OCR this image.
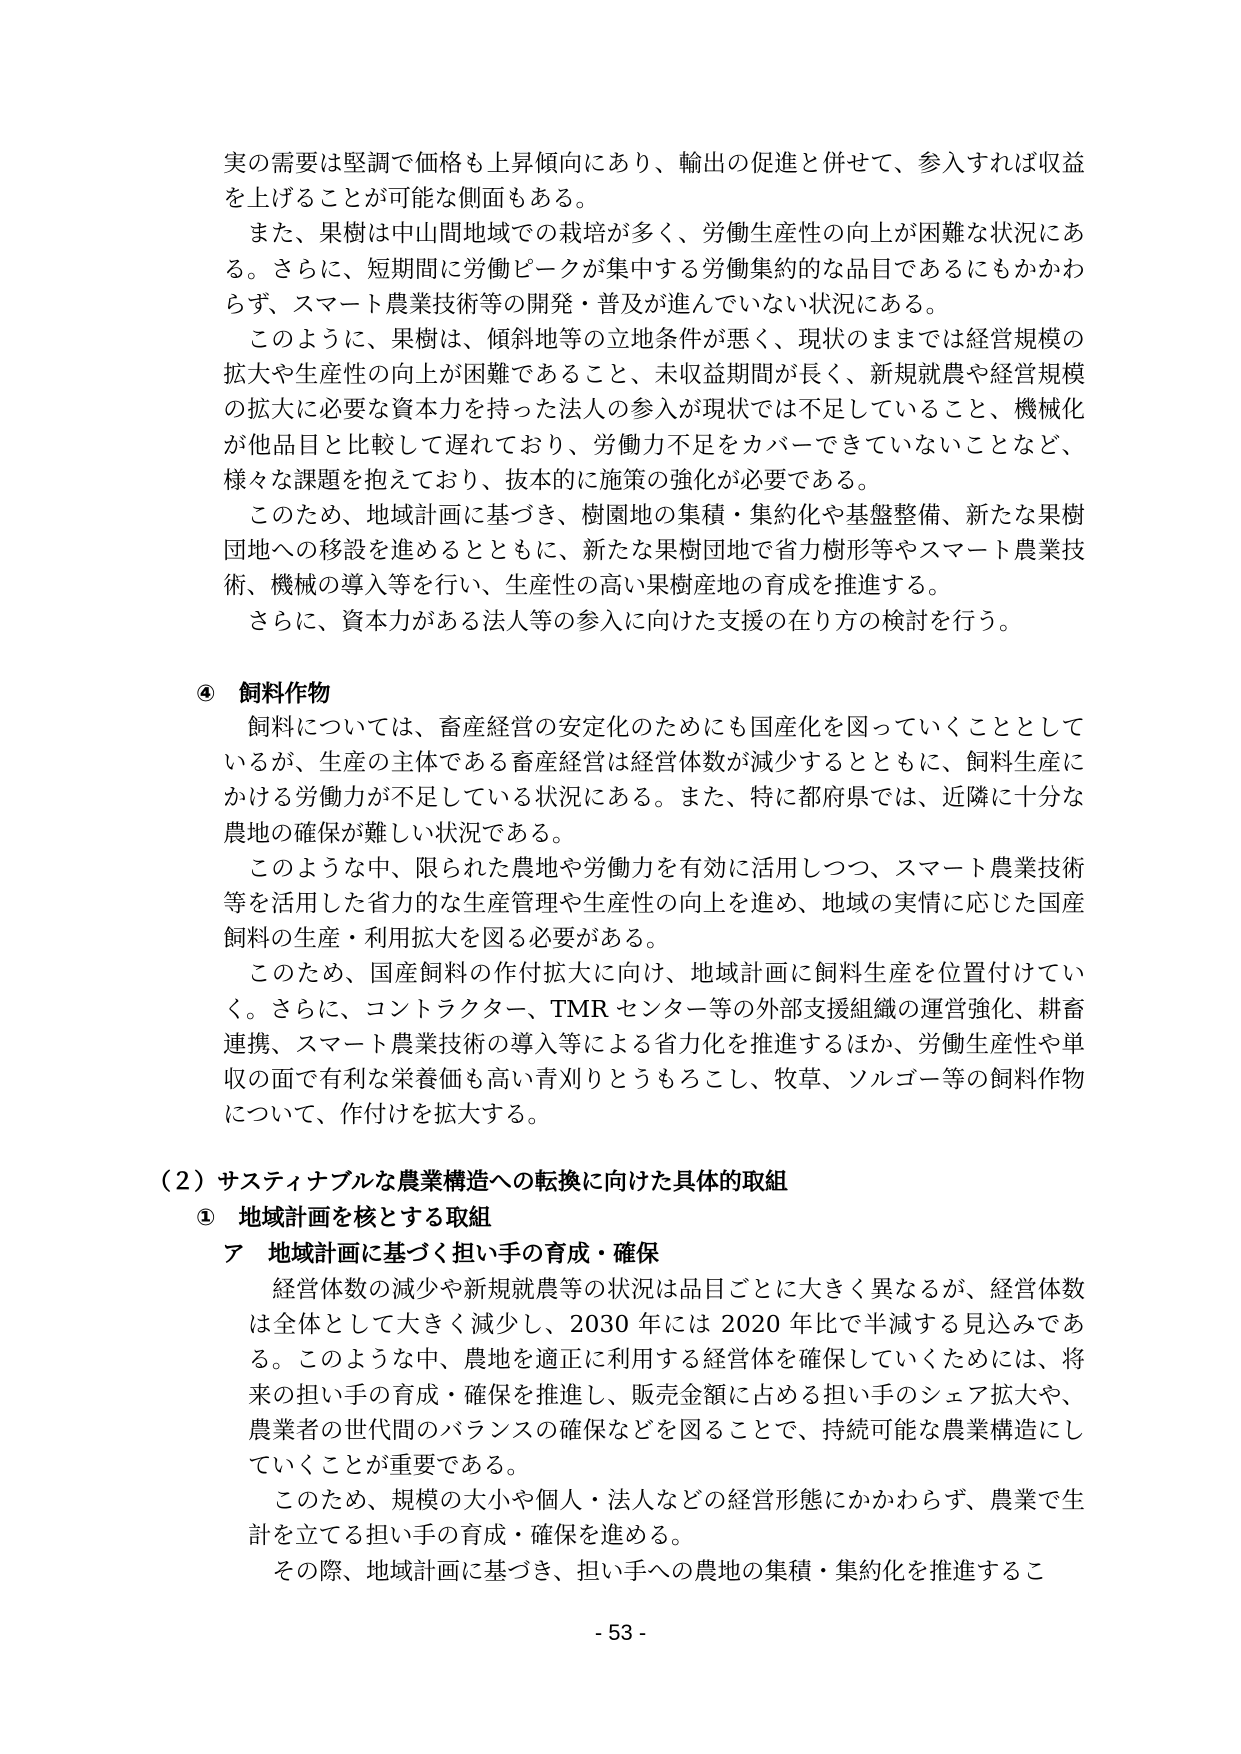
実の需要は堅調で価格も上昇傾向にあり、輸出の促進と併せて、参入すれば収益を上げることが可能な側面もある。

また、果樹は中山間地域での栽培が多く、労働生産性の向上が困難な状況にある。さらに、短期間に労働ピークが集中する労働集約的な品目であるにもかかわらず、スマート農業技術等の開発・普及が進んでいない状況にある。

このように、果樹は、傾斜地等の立地条件が悪く、現状のままでは経営規模の拡大や生産性の向上が困難であること、未収益期間が長く、新規就農や経営規模の拡大に必要な資本力を持った法人の参入が現状では不足していること、機械化が他品目と比較して遅れており、労働力不足をカバーできていないことなど、様々な課題を抱えており、抜本的に施策の強化が必要である。

このため、地域計画に基づき、樹園地の集積・集約化や基盤整備、新たな果樹団地への移設を進めるとともに、新たな果樹団地で省力樹形等やスマート農業技術、機械の導入等を行い、生産性の高い果樹産地の育成を推進する。

さらに、資本力がある法人等の参入に向けた支援の在り方の検討を行う。

④　飼料作物

飼料については、畜産経営の安定化のためにも国産化を図っていくこととしているが、生産の主体である畜産経営は経営体数が減少するとともに、飼料生産にかける労働力が不足している状況にある。また、特に都府県では、近隣に十分な農地の確保が難しい状況である。

このような中、限られた農地や労働力を有効に活用しつつ、スマート農業技術等を活用した省力的な生産管理や生産性の向上を進め、地域の実情に応じた国産飼料の生産・利用拡大を図る必要がある。

このため、国産飼料の作付拡大に向け、地域計画に飼料生産を位置付けていく。さらに、コントラクター、TMR センター等の外部支援組織の運営強化、耕畜連携、スマート農業技術の導入等による省力化を推進するほか、労働生産性や単収の面で有利な栄養価も高い青刈りとうもろこし、牧草、ソルゴー等の飼料作物について、作付けを拡大する。

（２）サスティナブルな農業構造への転換に向けた具体的取組
①　地域計画を核とする取組
ア　地域計画に基づく担い手の育成・確保

経営体数の減少や新規就農等の状況は品目ごとに大きく異なるが、経営体数は全体として大きく減少し、2030 年には 2020 年比で半減する見込みである。このような中、農地を適正に利用する経営体を確保していくためには、将来の担い手の育成・確保を推進し、販売金額に占める担い手のシェア拡大や、農業者の世代間のバランスの確保などを図ることで、持続可能な農業構造にしていくことが重要である。

このため、規模の大小や個人・法人などの経営形態にかかわらず、農業で生計を立てる担い手の育成・確保を進める。

その際、地域計画に基づき、担い手への農地の集積・集約化を推進するこ

- 53 -
